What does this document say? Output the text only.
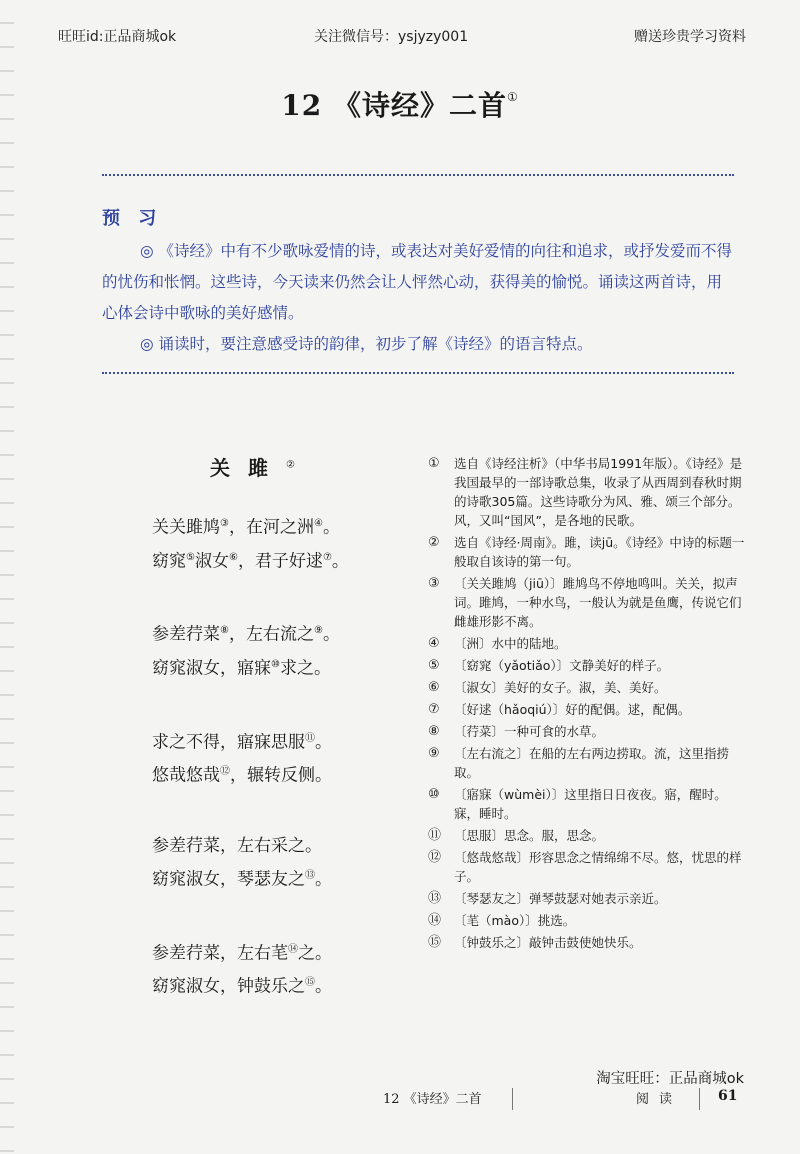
旺旺id:正品商城ok	关注微信号：ysjyzy001	赠送珍贵学习资料
12 《诗经》二首①
预 习

◎ 《诗经》中有不少歌咏爱情的诗，或表达对美好爱情的向往和追求，或抒发爱而不得的忧伤和怅惘。这些诗，今天读来仍然会让人怦然心动，获得美的愉悦。诵读这两首诗，用心体会诗中歌咏的美好感情。

◎ 诵读时，要注意感受诗的韵律，初步了解《诗经》的语言特点。

关雎②
关关雎鸠③，在河之洲④。
窈窕⑤淑女⑥，君子好逑⑦。
参差荇菜⑧，左右流之⑨。
窈窕淑女，寤寐⑩求之。
求之不得，寤寐思服⑪。
悠哉悠哉⑫，辗转反侧。
参差荇菜，左右采之。
窈窕淑女，琴瑟友之⑬。
参差荇菜，左右芼⑭之。
窈窕淑女，钟鼓乐之⑮。
①	选自《诗经注析》（中华书局1991年版）。《诗经》是我国最早的一部诗歌总集，收录了从西周到春秋时期的诗歌305篇。这些诗歌分为风、雅、颂三个部分。风，又叫“国风”，是各地的民歌。
②	选自《诗经·周南》。雎，读jū。《诗经》中诗的标题一般取自该诗的第一句。
③	〔关关雎鸠（jiū）〕雎鸠鸟不停地鸣叫。关关，拟声词。雎鸠，一种水鸟，一般认为就是鱼鹰，传说它们雌雄形影不离。
④	〔洲〕水中的陆地。
⑤	〔窈窕（yǎotiǎo）〕文静美好的样子。
⑥	〔淑女〕美好的女子。淑，美、美好。
⑦	〔好逑（hǎoqiú）〕好的配偶。逑，配偶。
⑧	〔荇菜〕一种可食的水草。
⑨	〔左右流之〕在船的左右两边捞取。流，这里指捞取。
⑩	〔寤寐（wùmèi）〕这里指日日夜夜。寤，醒时。寐，睡时。
⑪	〔思服〕思念。服，思念。
⑫	〔悠哉悠哉〕形容思念之情绵绵不尽。悠，忧思的样子。
⑬	〔琴瑟友之〕弹琴鼓瑟对她表示亲近。
⑭	〔芼（mào）〕挑选。
⑮	〔钟鼓乐之〕敲钟击鼓使她快乐。
淘宝旺旺：正品商城ok
12 《诗经》二首	阅读	61
